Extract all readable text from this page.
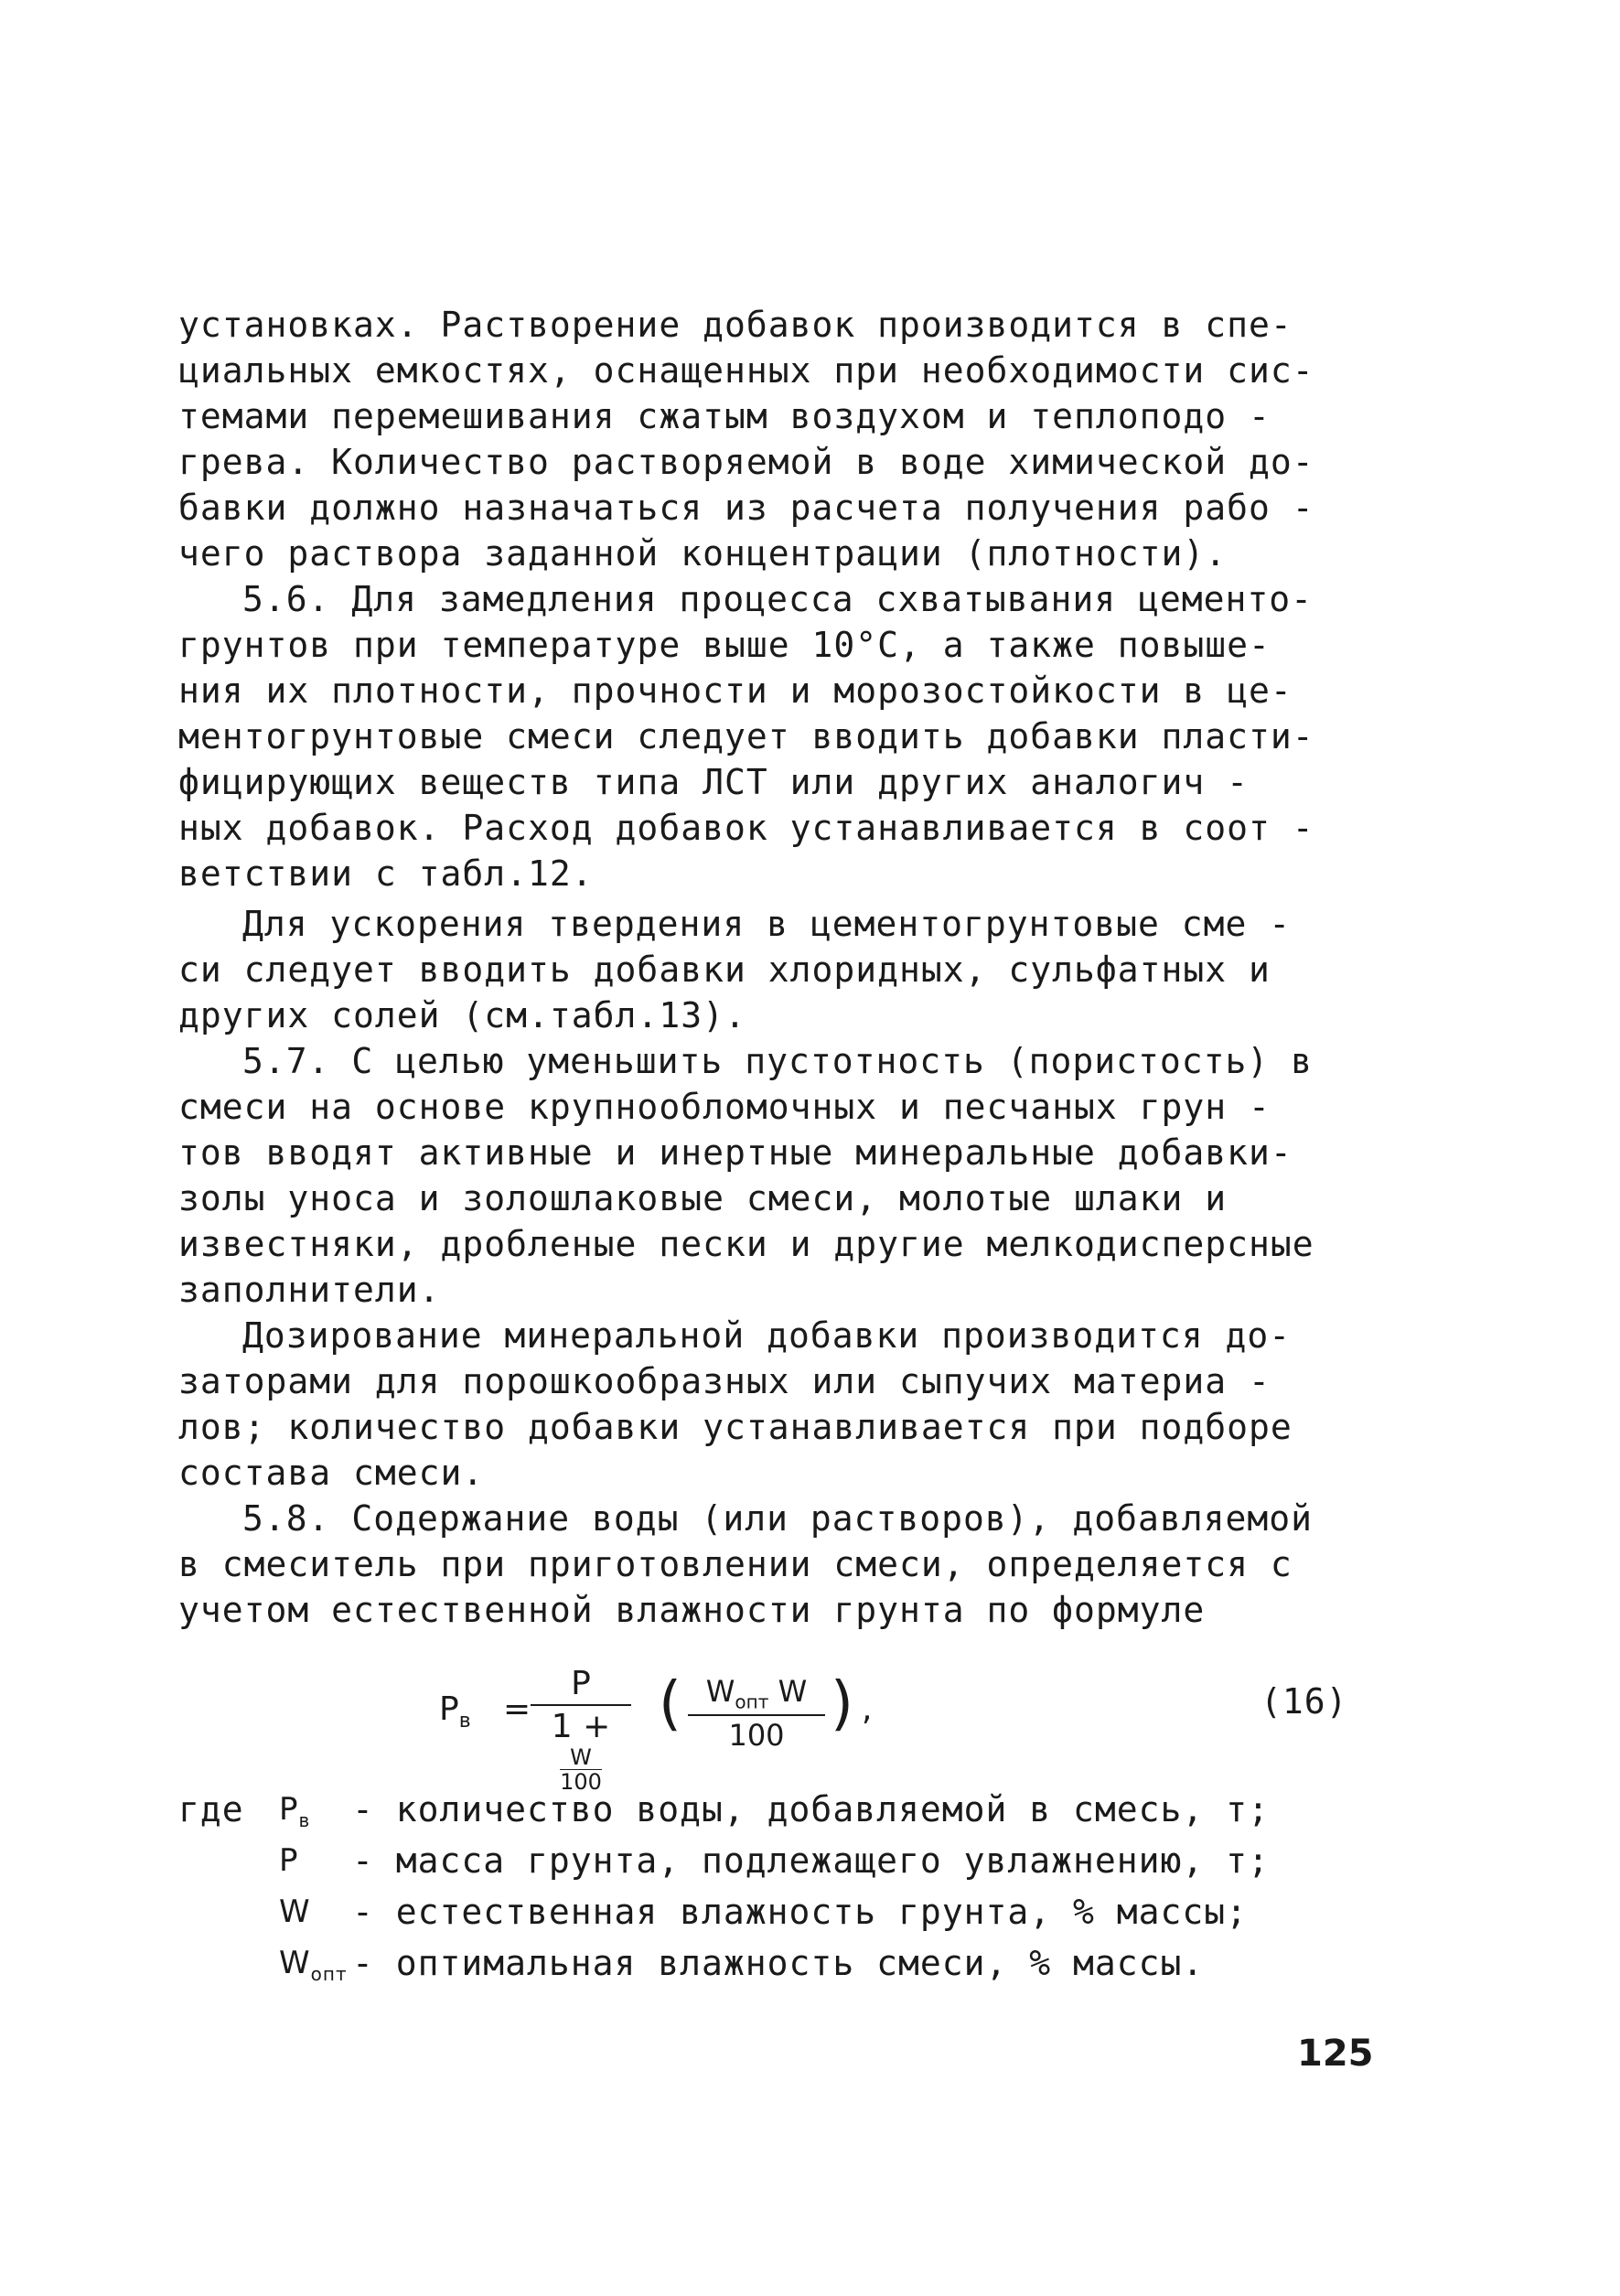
установках. Растворение добавок производится в спе-
циальных емкостях, оснащенных при необходимости сис-
темами перемешивания сжатым воздухом и теплоподо -
грева. Количество растворяемой в воде химической до-
бавки должно назначаться из расчета получения рабо -
чего раствора заданной концентрации (плотности).
5.6. Для замедления процесса схватывания цементо-
грунтов при температуре выше 10°С, а также повыше-
ния их плотности, прочности и морозостойкости в це-
ментогрунтовые смеси следует вводить добавки пласти-
фицирующих веществ типа ЛСТ или других аналогич -
ных добавок. Расход добавок устанавливается в соот -
ветствии с табл.12.
Для ускорения твердения в цементогрунтовые сме -
си следует вводить добавки хлоридных, сульфатных и
других солей (см.табл.13).
5.7. С целью уменьшить пустотность (пористость) в
смеси на основе крупнообломочных и песчаных грун -
тов вводят активные и инертные минеральные добавки-
золы уноса и золошлаковые смеси, молотые шлаки и
известняки, дробленые пески и другие мелкодисперсные
заполнители.
Дозирование минеральной добавки производится до-
заторами для порошкообразных или сыпучих материа -
лов; количество добавки устанавливается при подборе
состава смеси.
5.8. Содержание воды (или растворов), добавляемой
в смеситель при приготовлении смеси, определяется с
учетом естественной влажности грунта по формуле
$P_в = P$
1 +
$\frac{W}{100}$ ( $W_{опт}$ W
100 ) ,	(16)
где $P_в$ - количество воды, добавляемой в смесь, т;
P - масса грунта, подлежащего увлажнению, т;
W - естественная влажность грунта, % массы;
$W_{опт}$ - оптимальная влажность смеси, % массы.
125
